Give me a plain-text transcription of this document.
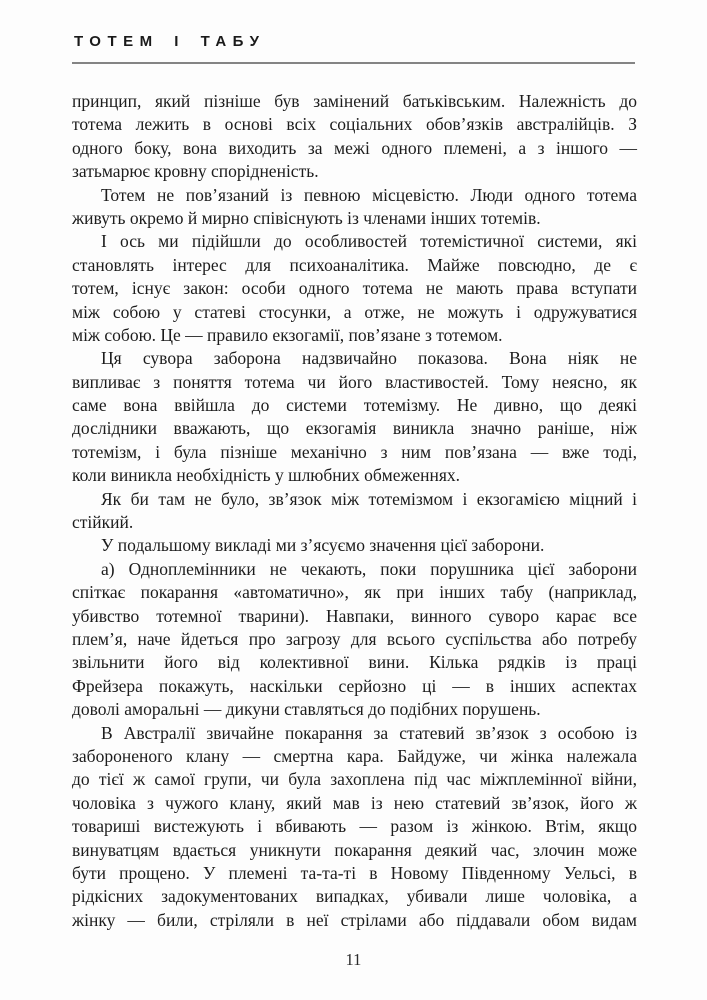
ТОТЕМ І ТАБУ
принцип, який пізніше був замінений батьківським. Належність до
тотема лежить в основі всіх соціальних обов’язків австралійців. З
одного боку, вона виходить за межі одного племені, а з іншого —
затьмарює кровну спорідненість.
Тотем не пов’язаний із певною місцевістю. Люди одного тотема
живуть окремо й мирно співіснують із членами інших тотемів.
І ось ми підійшли до особливостей тотемістичної системи, які
становлять інтерес для психоаналітика. Майже повсюдно, де є
тотем, існує закон: особи одного тотема не мають права вступати
між собою у статеві стосунки, а отже, не можуть і одружуватися
між собою. Це — правило екзогамії, пов’язане з тотемом.
Ця сувора заборона надзвичайно показова. Вона ніяк не
випливає з поняття тотема чи його властивостей. Тому неясно, як
саме вона ввійшла до системи тотемізму. Не дивно, що деякі
дослідники вважають, що екзогамія виникла значно раніше, ніж
тотемізм, і була пізніше механічно з ним пов’язана — вже тоді,
коли виникла необхідність у шлюбних обмеженнях.
Як би там не було, зв’язок між тотемізмом і екзогамією міцний і
стійкий.
У подальшому викладі ми з’ясуємо значення цієї заборони.
а) Одноплемінники не чекають, поки порушника цієї заборони
спіткає покарання «автоматично», як при інших табу (наприклад,
убивство тотемної тварини). Навпаки, винного суворо карає все
плем’я, наче йдеться про загрозу для всього суспільства або потребу
звільнити його від колективної вини. Кілька рядків із праці
Фрейзера покажуть, наскільки серйозно ці — в інших аспектах
доволі аморальні — дикуни ставляться до подібних порушень.
В Австралії звичайне покарання за статевий зв’язок з особою із
забороненого клану — смертна кара. Байдуже, чи жінка належала
до тієї ж самої групи, чи була захоплена під час міжплемінної війни,
чоловіка з чужого клану, який мав із нею статевий зв’язок, його ж
товариші вистежують і вбивають — разом із жінкою. Втім, якщо
винуватцям вдається уникнути покарання деякий час, злочин може
бути прощено. У племені та-та-ті в Новому Південному Уельсі, в
рідкісних задокументованих випадках, убивали лише чоловіка, а
жінку — били, стріляли в неї стрілами або піддавали обом видам
11
